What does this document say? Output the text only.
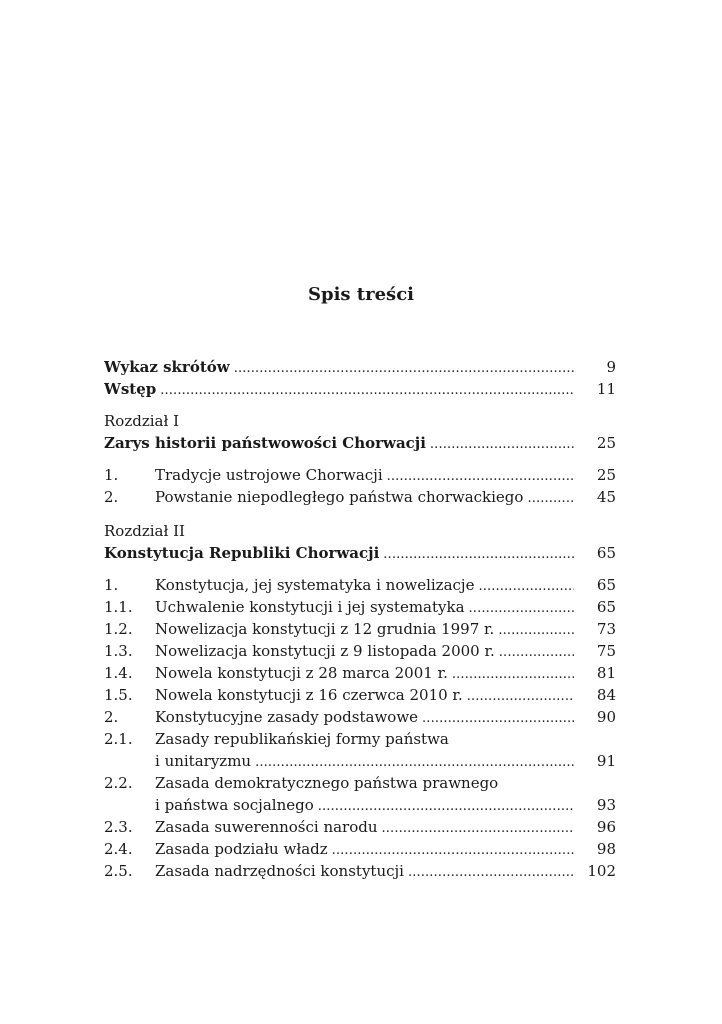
Spis treści
Wykaz skrótów . . .	9
Wstęp . . .	11
Rozdział I
Zarys historii państwowości Chorwacji . . .	25
1.	Tradycje ustrojowe Chorwacji . . .	25
2.	Powstanie niepodległego państwa chorwackiego . . .	45
Rozdział II
Konstytucja Republiki Chorwacji . . .	65
1.	Konstytucja, jej systematyka i nowelizacje . . .	65
1.1.	Uchwalenie konstytucji i jej systematyka . . .	65
1.2.	Nowelizacja konstytucji z 12 grudnia 1997 r. . . .	73
1.3.	Nowelizacja konstytucji z 9 listopada 2000 r. . . .	75
1.4.	Nowela konstytucji z 28 marca 2001 r. . . .	81
1.5.	Nowela konstytucji z 16 czerwca 2010 r. . . .	84
2.	Konstytucyjne zasady podstawowe . . .	90
2.1.	Zasady republikańskiej formy państwa
i unitaryzmu . . .	91
2.2.	Zasada demokratycznego państwa prawnego
i państwa socjalnego . . .	93
2.3.	Zasada suwerenności narodu . . .	96
2.4.	Zasada podziału władz . . .	98
2.5.	Zasada nadrzędności konstytucji . . .	102
